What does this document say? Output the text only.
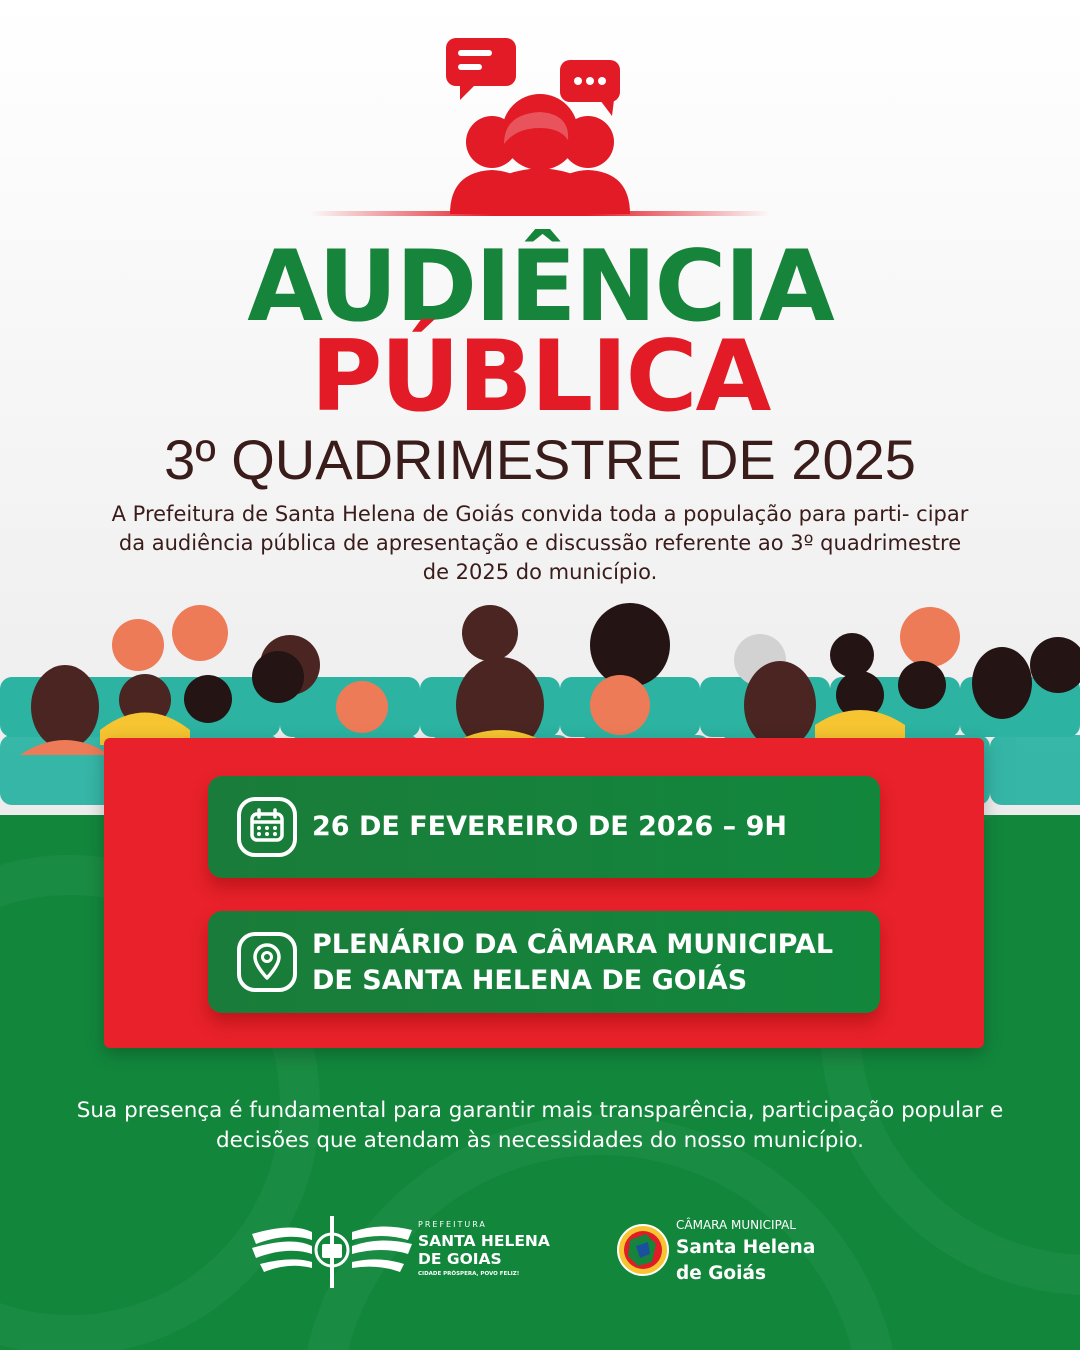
AUDIÊNCIA
PÚBLICA
3º QUADRIMESTRE DE 2025
A Prefeitura de Santa Helena de Goiás convida toda a população para parti- cipar da audiência pública de apresentação e discussão referente ao 3º quadrimestre de 2025 do município.
26 DE FEVEREIRO DE 2026 – 9H
PLENÁRIO DA CÂMARA MUNICIPAL
DE SANTA HELENA DE GOIÁS
Sua presença é fundamental para garantir mais transparência, participação popular e decisões que atendam às necessidades do nosso município.
PREFEITURA
SANTA HELENA
DE GOIAS
CIDADE PRÓSPERA, POVO FELIZ!
CÂMARA MUNICIPAL
Santa Helena
de Goiás
